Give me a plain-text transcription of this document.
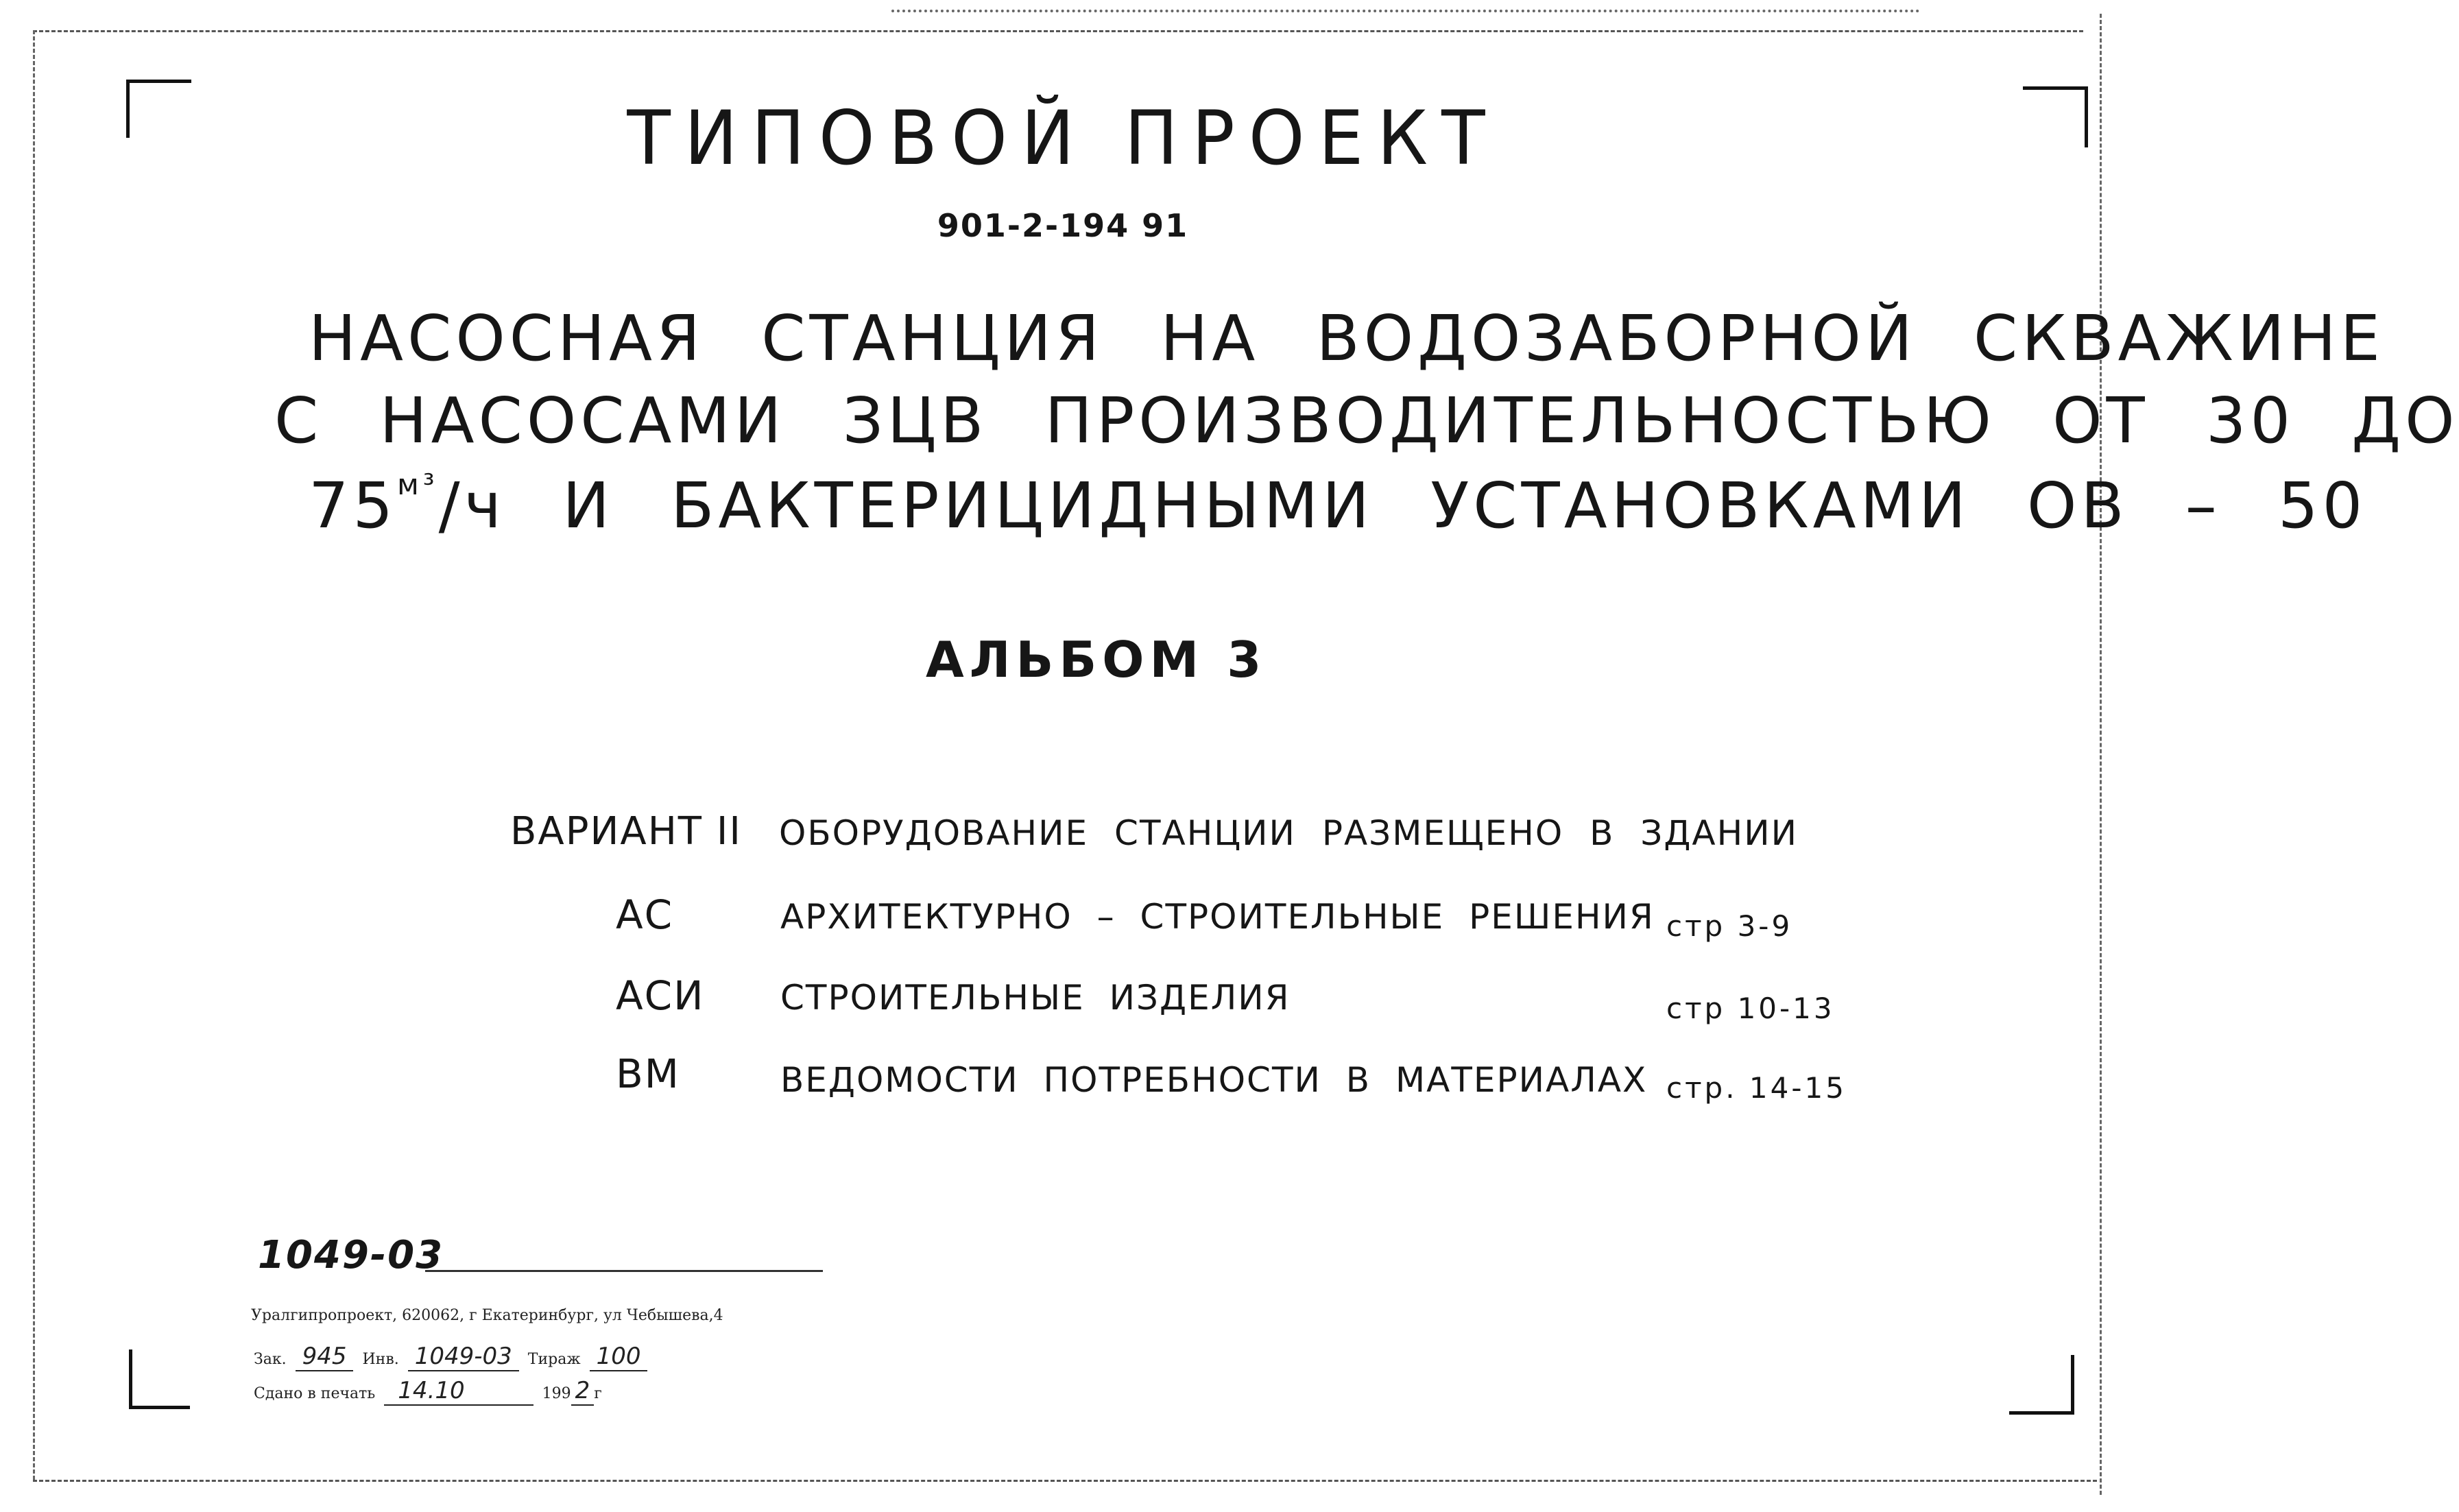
ТИПОВОЙ ПРОЕКТ
901-2-194 91
НАСОСНАЯ СТАНЦИЯ НА ВОДОЗАБОРНОЙ СКВАЖИНЕ
С НАСОСАМИ ЗЦВ ПРОИЗВОДИТЕЛЬНОСТЬЮ ОТ 30 ДО
$75^{м^3}/ч$ И БАКТЕРИЦИДНЫМИ УСТАНОВКАМИ ОВ – 50
АЛЬБОМ 3
ВАРИАНТ II ОБОРУДОВАНИЕ СТАНЦИИ РАЗМЕЩЕНО В ЗДАНИИ
АС	АРХИТЕКТУРНО – СТРОИТЕЛЬНЫЕ РЕШЕНИЯ стр 3-9
АСИ СТРОИТЕЛЬНЫЕ ИЗДЕЛИЯ	стр 10-13
ВМ	ВЕДОМОСТИ ПОТРЕБНОСТИ В МАТЕРИАЛАХ стр. 14-15
1049-03
Уралгипропроект, 620062, г Екатеринбург, ул Чебышева,4
Зак. 945 Инв. 1049-03 Тираж 100
Сдано в печать 14.10	199 2 г
